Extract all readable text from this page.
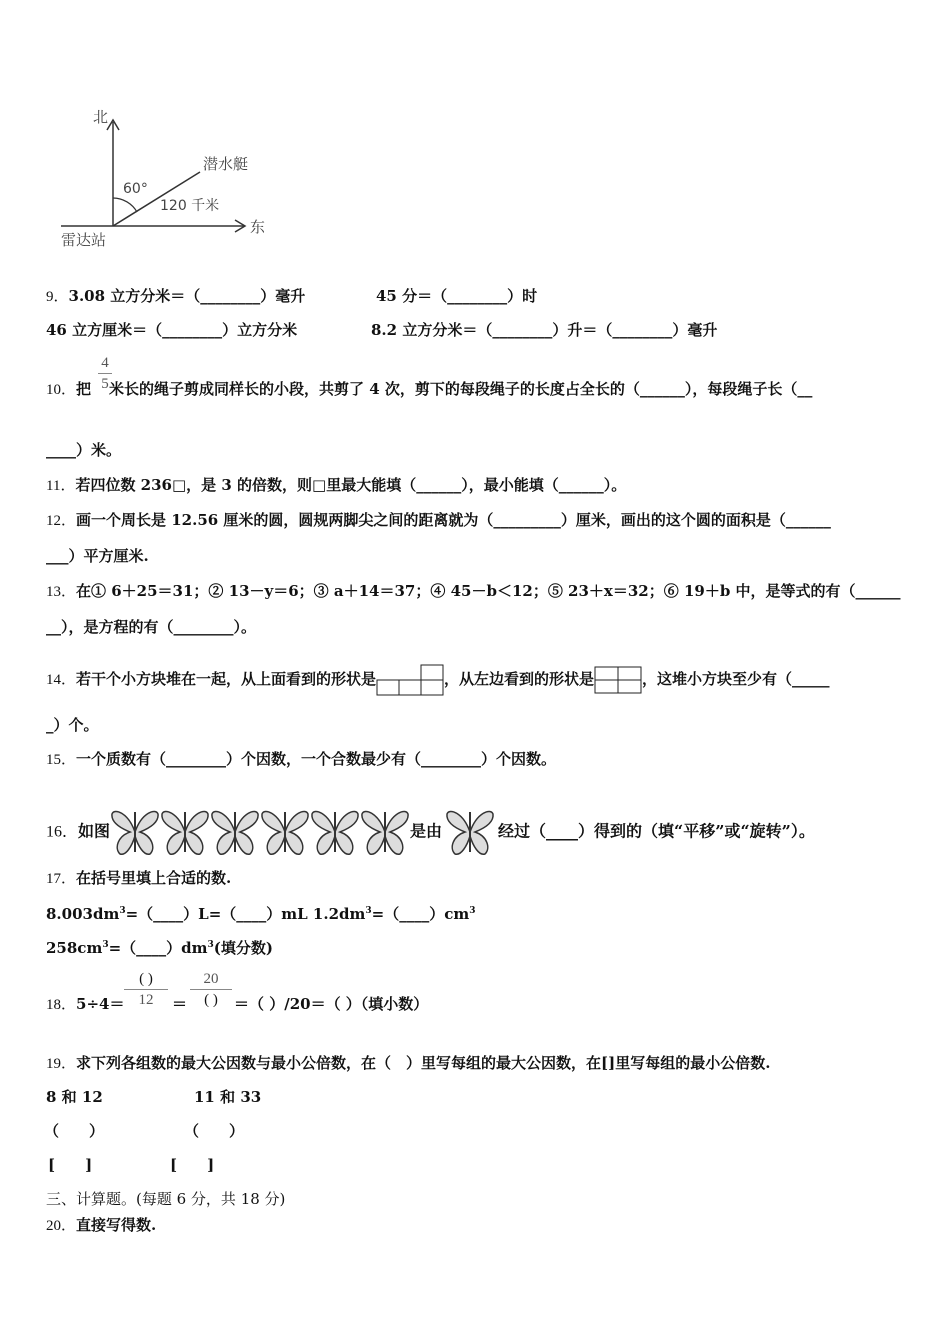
北
东
雷达站
潜水艇
60°
120 千米
9．3.08 立方分米＝（________）毫升	45 分＝（________）时
46 立方厘米＝（________）立方分米	8.2 立方分米＝（________）升＝（________）毫升
10．把 米长的绳子剪成同样长的小段，共剪了 4 次，剪下的每段绳子的长度占全长的（______），每段绳子长（__
4
5
____）米。
11．若四位数 236□，是 3 的倍数，则□里最大能填（______），最小能填（______）。
12．画一个周长是 12.56 厘米的圆，圆规两脚尖之间的距离就为（_________）厘米，画出的这个圆的面积是（______
___）平方厘米.
13．在① 6＋25＝31；② 13－y＝6；③ a＋14＝37；④ 45－b＜12；⑤ 23＋x＝32；⑥ 19＋b 中，是等式的有（______
__），是方程的有（________）。
14．若干个小方块堆在一起，从上面看到的形状是	，从左边看到的形状是	，这堆小方块至少有（_____
_）个。
15．一个质数有（________）个因数，一个合数最少有（________）个因数。
16．如图	是由	经过（____）得到的（填“平移”或“旋转”）。
17．在括号里填上合适的数.
$8.003dm^3=(\_\_\_\_)L=(\_\_\_\_)mL$ $1.2dm^3=(\_\_\_\_)cm^3$
$258cm^3=(\_\_\_\_)dm^3$(填分数)
18．5÷4＝
( )
12	＝
20
( )	＝（ ）/20＝（ ）（填小数）
19．求下列各组数的最大公因数与最小公倍数，在（　）里写每组的最大公因数，在[]里写每组的最小公倍数.
8 和 12	11 和 33
（　　）	（　　）
[　　]	[　　]
三、计算题。(每题 6 分，共 18 分)
20．直接写得数.
